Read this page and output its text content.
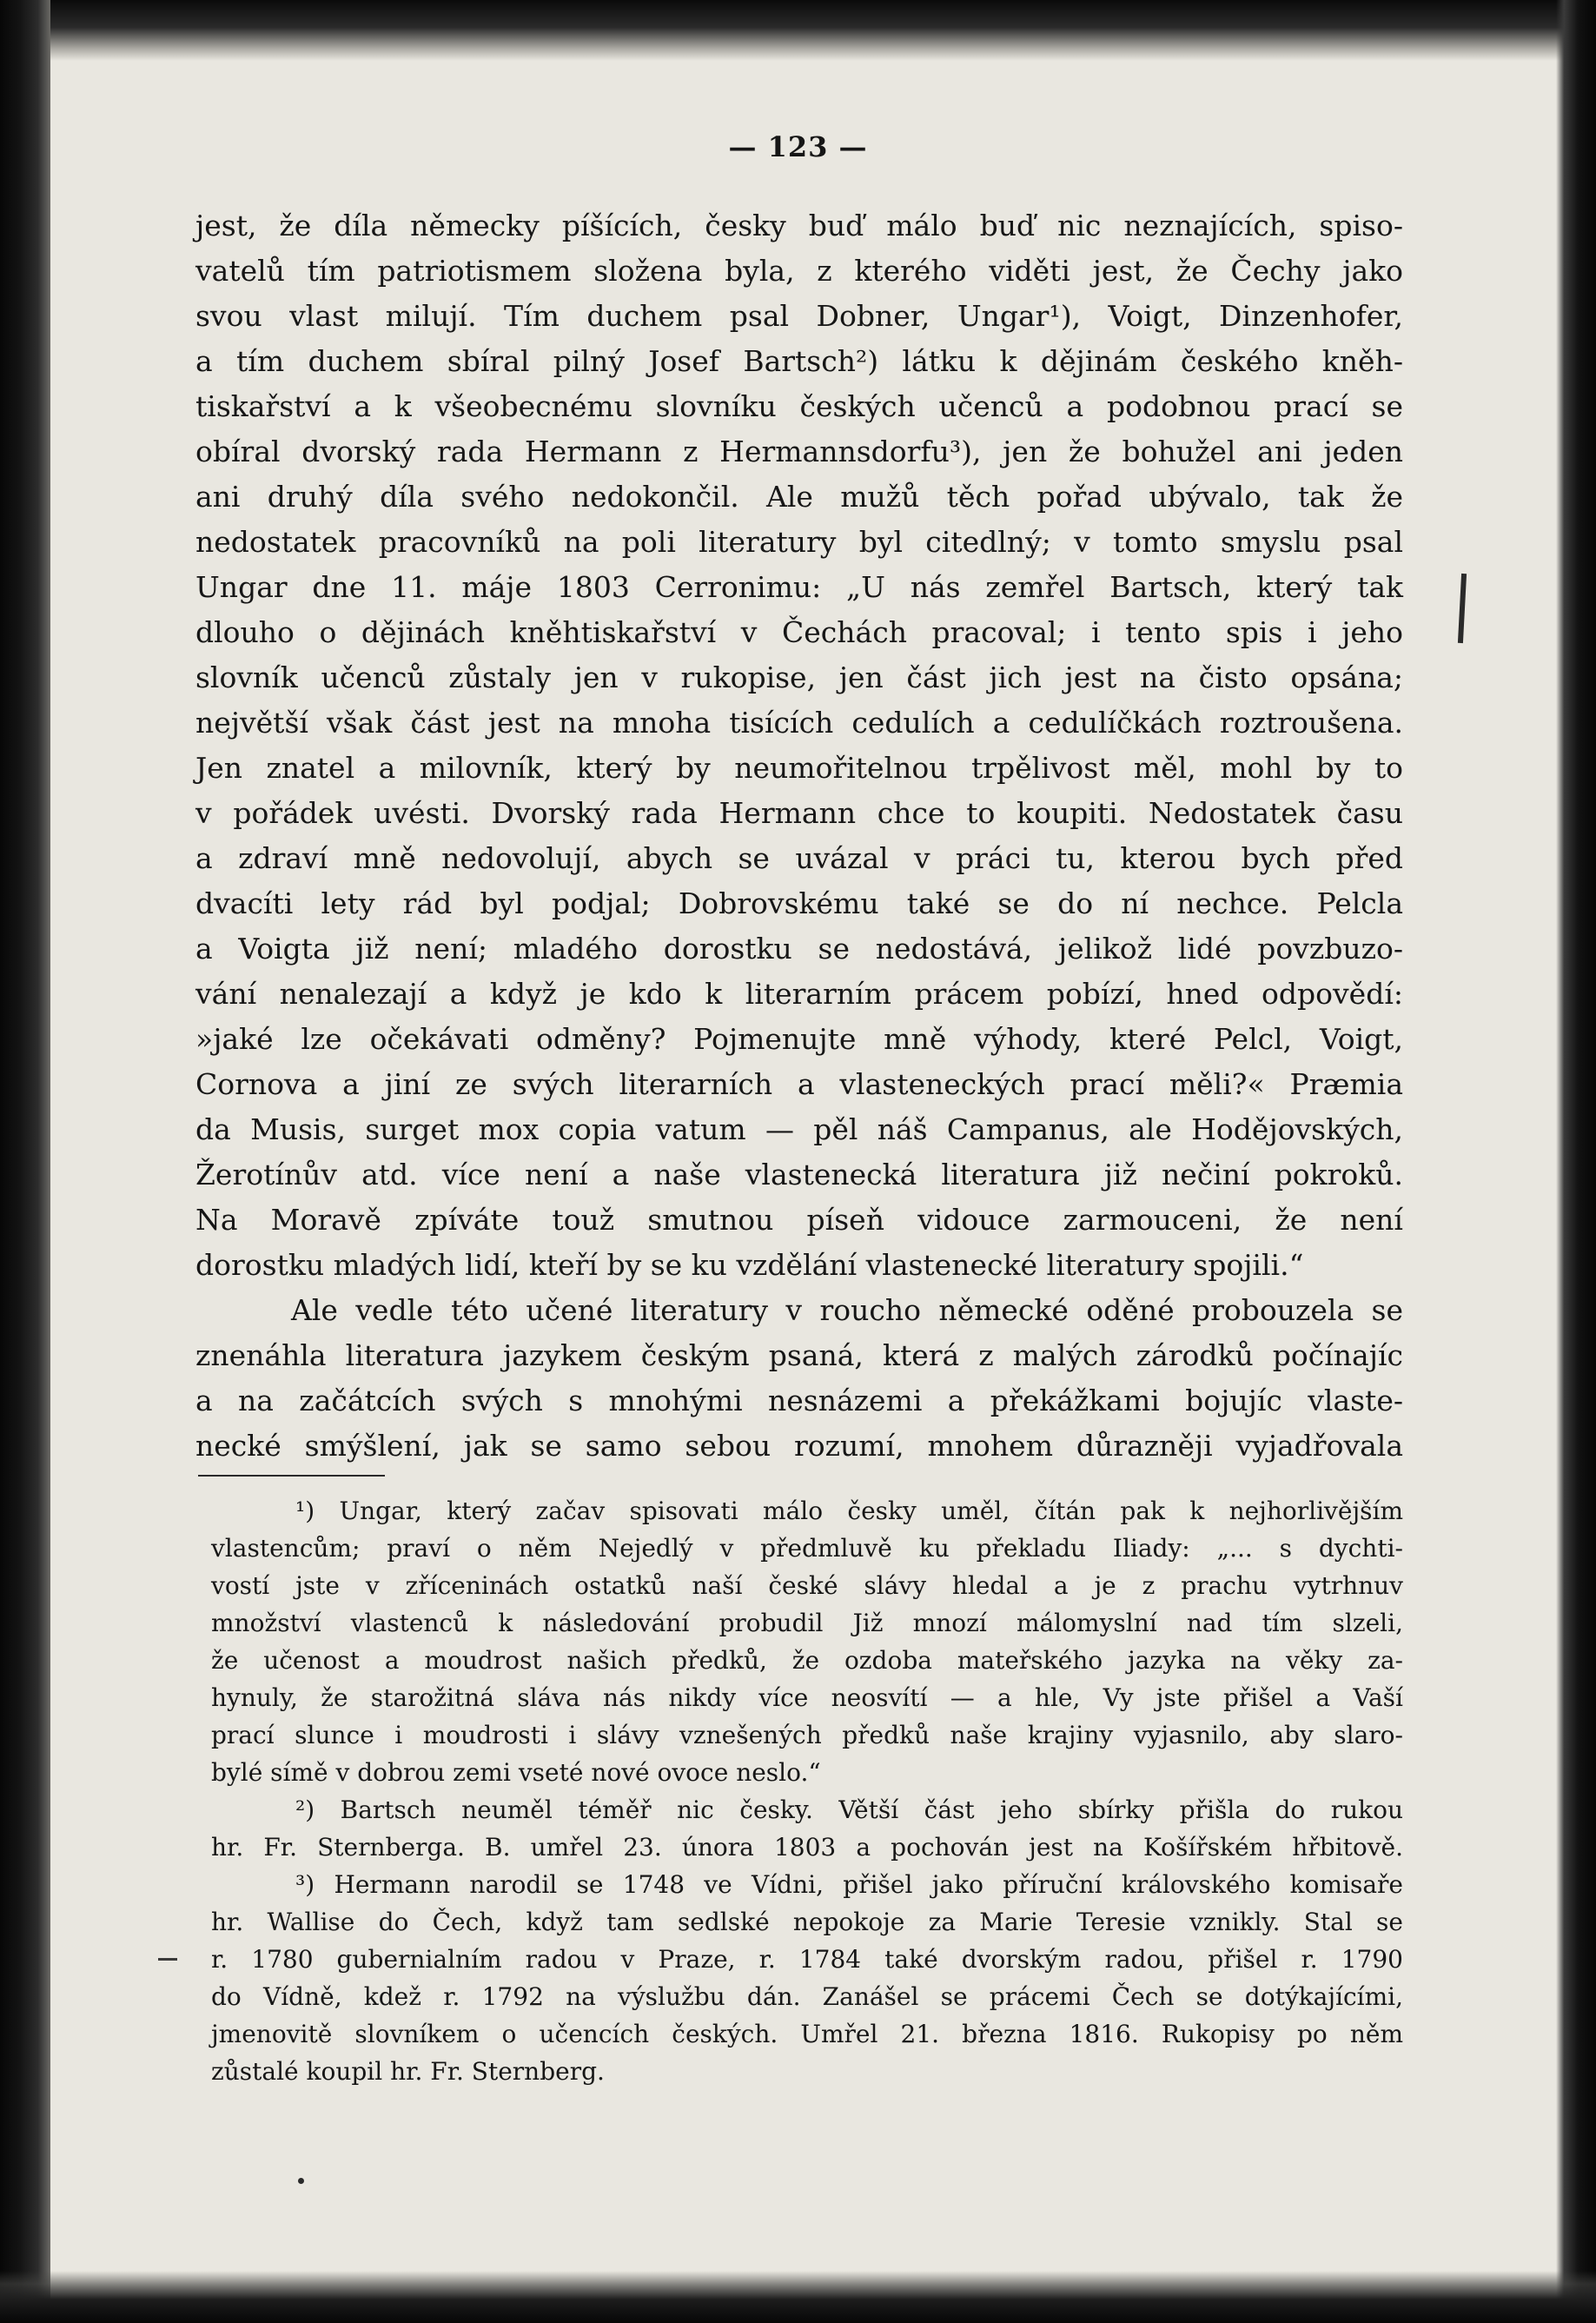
— 123 —
jest, že díla německy píšících, česky buď málo buď nic neznajících, spiso-
vatelů tím patriotismem složena byla, z kterého viděti jest, že Čechy jako
svou vlast milují. Tím duchem psal Dobner, Ungar¹), Voigt, Dinzenhofer,
a tím duchem sbíral pilný Josef Bartsch²) látku k dějinám českého kněh-
tiskařství a k všeobecnému slovníku českých učenců a podobnou prací se
obíral dvorský rada Hermann z Hermannsdorfu³), jen že bohužel ani jeden
ani druhý díla svého nedokončil. Ale mužů těch pořad ubývalo, tak že
nedostatek pracovníků na poli literatury byl citedlný; v tomto smyslu psal
Ungar dne 11. máje 1803 Cerronimu: „U nás zemřel Bartsch, který tak
dlouho o dějinách kněhtiskařství v Čechách pracoval; i tento spis i jeho
slovník učenců zůstaly jen v rukopise, jen část jich jest na čisto opsána;
největší však část jest na mnoha tisících cedulích a cedulíčkách roztroušena.
Jen znatel a milovník, který by neumořitelnou trpělivost měl, mohl by to
v pořádek uvésti. Dvorský rada Hermann chce to koupiti. Nedostatek času
a zdraví mně nedovolují, abych se uvázal v práci tu, kterou bych před
dvacíti lety rád byl podjal; Dobrovskému také se do ní nechce. Pelcla
a Voigta již není; mladého dorostku se nedostává, jelikož lidé povzbuzo-
vání nenalezají a když je kdo k literarním prácem pobízí, hned odpovědí:
»jaké lze očekávati odměny? Pojmenujte mně výhody, které Pelcl, Voigt,
Cornova a jiní ze svých literarních a vlasteneckých prací měli?« Præmia
da Musis, surget mox copia vatum — pěl náš Campanus, ale Hodějovských,
Žerotínův atd. více není a naše vlastenecká literatura již nečiní pokroků.
Na Moravě zpíváte touž smutnou píseň vidouce zarmouceni, že není
dorostku mladých lidí, kteří by se ku vzdělání vlastenecké literatury spojili.“
Ale vedle této učené literatury v roucho německé oděné probouzela se
znenáhla literatura jazykem českým psaná, která z malých zárodků počínajíc
a na začátcích svých s mnohými nesnázemi a překážkami bojujíc vlaste-
necké smýšlení, jak se samo sebou rozumí, mnohem důrazněji vyjadřovala
¹) Ungar, který začav spisovati málo česky uměl, čítán pak k nejhorlivějším
vlastencům; praví o něm Nejedlý v předmluvě ku překladu Iliady: „... s dychti-
vostí jste v zříceninách ostatků naší české slávy hledal a je z prachu vytrhnuv
množství vlastenců k následování probudil Již mnozí málomyslní nad tím slzeli,
že učenost a moudrost našich předků, že ozdoba mateřského jazyka na věky za-
hynuly, že starožitná sláva nás nikdy více neosvítí — a hle, Vy jste přišel a Vaší
prací slunce i moudrosti i slávy vznešených předků naše krajiny vyjasnilo, aby slaro-
bylé símě v dobrou zemi vseté nové ovoce neslo.“
²) Bartsch neuměl téměř nic česky. Větší část jeho sbírky přišla do rukou
hr. Fr. Sternberga. B. umřel 23. února 1803 a pochován jest na Košířském hřbitově.
³) Hermann narodil se 1748 ve Vídni, přišel jako příruční královského komisaře
hr. Wallise do Čech, když tam sedlské nepokoje za Marie Teresie vznikly. Stal se
r. 1780 gubernialním radou v Praze, r. 1784 také dvorským radou, přišel r. 1790
do Vídně, kdež r. 1792 na výslužbu dán. Zanášel se prácemi Čech se dotýkajícími,
jmenovitě slovníkem o učencích českých. Umřel 21. března 1816. Rukopisy po něm
zůstalé koupil hr. Fr. Sternberg.
